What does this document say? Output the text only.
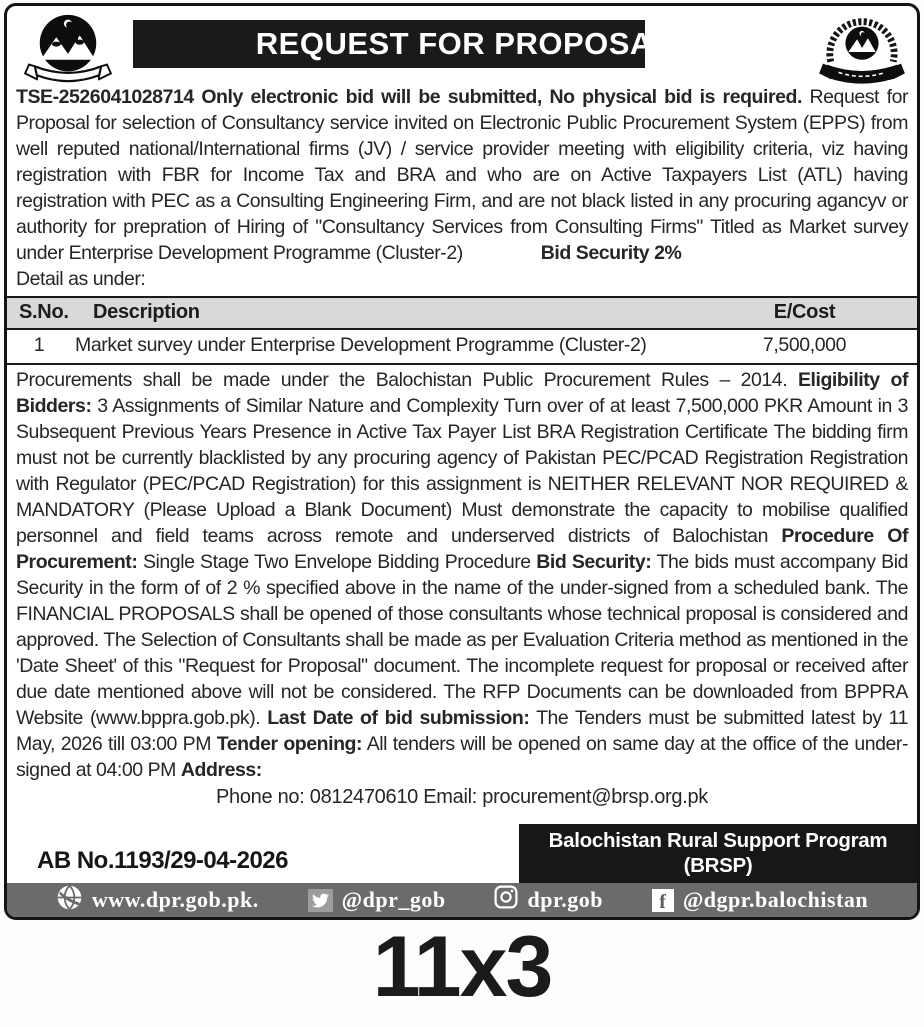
REQUEST FOR PROPOSAL
TSE-2526041028714 Only electronic bid will be submitted, No physical bid is required. Request for Proposal for selection of Consultancy service invited on Electronic Public Procurement System (EPPS) from well reputed national/International firms (JV) / service provider meeting with eligibility criteria, viz having registration with FBR for Income Tax and BRA and who are on Active Taxpayers List (ATL) having registration with PEC as a Consulting Engineering Firm, and are not black listed in any procuring agancyv or authority for prepration of Hiring of "Consultancy Services from Consulting Firms" Titled as Market survey under Enterprise Development Programme (Cluster-2)	Bid Security 2%
Detail as under:
S.No.	Description	E/Cost
1	Market survey under Enterprise Development Programme (Cluster-2)	7,500,000
Procurements shall be made under the Balochistan Public Procurement Rules – 2014. Eligibility of Bidders: 3 Assignments of Similar Nature and Complexity Turn over of at least 7,500,000 PKR Amount in 3 Subsequent Previous Years Presence in Active Tax Payer List BRA Registration Certificate The bidding firm must not be currently blacklisted by any procuring agency of Pakistan PEC/PCAD Registration Registration with Regulator (PEC/PCAD Registration) for this assignment is NEITHER RELEVANT NOR REQUIRED & MANDATORY (Please Upload a Blank Document) Must demonstrate the capacity to mobilise qualified personnel and field teams across remote and underserved districts of Balochistan Procedure Of Procurement: Single Stage Two Envelope Bidding Procedure Bid Security: The bids must accompany Bid Security in the form of of 2 % specified above in the name of the under-signed from a scheduled bank. The FINANCIAL PROPOSALS shall be opened of those consultants whose technical proposal is considered and approved. The Selection of Consultants shall be made as per Evaluation Criteria method as mentioned in the 'Date Sheet' of this "Request for Proposal" document. The incomplete request for proposal or received after due date mentioned above will not be considered. The RFP Documents can be downloaded from BPPRA Website (www.bppra.gob.pk). Last Date of bid submission: The Tenders must be submitted latest by 11 May, 2026 till 03:00 PM Tender opening: All tenders will be opened on same day at the office of the under-signed at 04:00 PM Address:
Phone no: 0812470610 Email: procurement@brsp.org.pk
AB No.1193/29-04-2026
Balochistan Rural Support Program
(BRSP)
www.dpr.gob.pk.	@dpr_gob	dpr.gob	f @dgpr.balochistan
11x3
